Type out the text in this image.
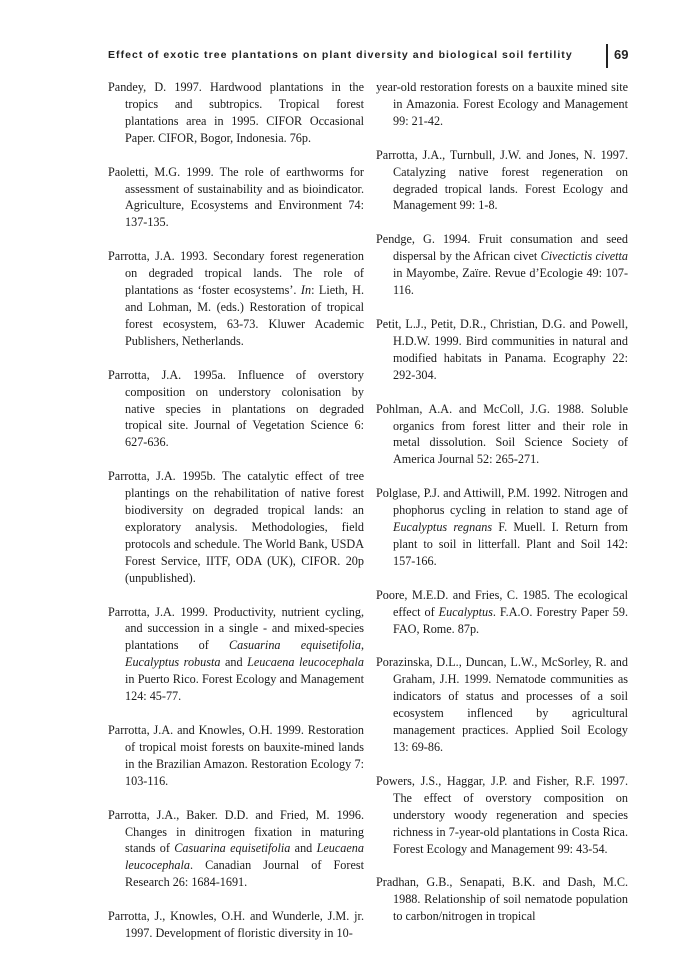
Effect of exotic tree plantations on plant diversity and biological soil fertility	69

Pandey, D. 1997. Hardwood plantations in the tropics and subtropics. Tropical forest plantations area in 1995. CIFOR Occasional Paper. CIFOR, Bogor, Indonesia. 76p.

Paoletti, M.G. 1999. The role of earthworms for assessment of sustainability and as bioindicator. Agriculture, Ecosystems and Environment 74: 137-135.

Parrotta, J.A. 1993. Secondary forest regeneration on degraded tropical lands. The role of plantations as ‘foster ecosystems’. In: Lieth, H. and Lohman, M. (eds.) Restoration of tropical forest ecosystem, 63-73. Kluwer Academic Publishers, Netherlands.

Parrotta, J.A. 1995a. Influence of overstory composition on understory colonisation by native species in plantations on degraded tropical site. Journal of Vegetation Science 6: 627-636.

Parrotta, J.A. 1995b. The catalytic effect of tree plantings on the rehabilitation of native forest biodiversity on degraded tropical lands: an exploratory analysis. Methodologies, field protocols and schedule. The World Bank, USDA Forest Service, IITF, ODA (UK), CIFOR. 20p (unpublished).

Parrotta, J.A. 1999. Productivity, nutrient cycling, and succession in a single - and mixed-species plantations of Casuarina equisetifolia, Eucalyptus robusta and Leucaena leucocephala in Puerto Rico. Forest Ecology and Management 124: 45-77.

Parrotta, J.A. and Knowles, O.H. 1999. Restoration of tropical moist forests on bauxite-mined lands in the Brazilian Amazon. Restoration Ecology 7: 103-116.

Parrotta, J.A., Baker. D.D. and Fried, M. 1996. Changes in dinitrogen fixation in maturing stands of Casuarina equisetifolia and Leucaena leucocephala. Canadian Journal of Forest Research 26: 1684-1691.

Parrotta, J., Knowles, O.H. and Wunderle, J.M. jr. 1997. Development of floristic diversity in 10-

year-old restoration forests on a bauxite mined site in Amazonia. Forest Ecology and Management 99: 21-42.

Parrotta, J.A., Turnbull, J.W. and Jones, N. 1997. Catalyzing native forest regeneration on degraded tropical lands. Forest Ecology and Management 99: 1-8.

Pendge, G. 1994. Fruit consumation and seed dispersal by the African civet Civectictis civetta in Mayombe, Zaïre. Revue d’Ecologie 49: 107-116.

Petit, L.J., Petit, D.R., Christian, D.G. and Powell, H.D.W. 1999. Bird communities in natural and modified habitats in Panama. Ecography 22: 292-304.

Pohlman, A.A. and McColl, J.G. 1988. Soluble organics from forest litter and their role in metal dissolution. Soil Science Society of America Journal 52: 265-271.

Polglase, P.J. and Attiwill, P.M. 1992. Nitrogen and phophorus cycling in relation to stand age of Eucalyptus regnans F. Muell. I. Return from plant to soil in litterfall. Plant and Soil 142: 157-166.

Poore, M.E.D. and Fries, C. 1985. The ecological effect of Eucalyptus. F.A.O. Forestry Paper 59. FAO, Rome. 87p.

Porazinska, D.L., Duncan, L.W., McSorley, R. and Graham, J.H. 1999. Nematode communities as indicators of status and processes of a soil ecosystem inflenced by agricultural management practices. Applied Soil Ecology 13: 69-86.

Powers, J.S., Haggar, J.P. and Fisher, R.F. 1997. The effect of overstory composition on understory woody regeneration and species richness in 7-year-old plantations in Costa Rica. Forest Ecology and Management 99: 43-54.

Pradhan, G.B., Senapati, B.K. and Dash, M.C. 1988. Relationship of soil nematode population to carbon/nitrogen in tropical
